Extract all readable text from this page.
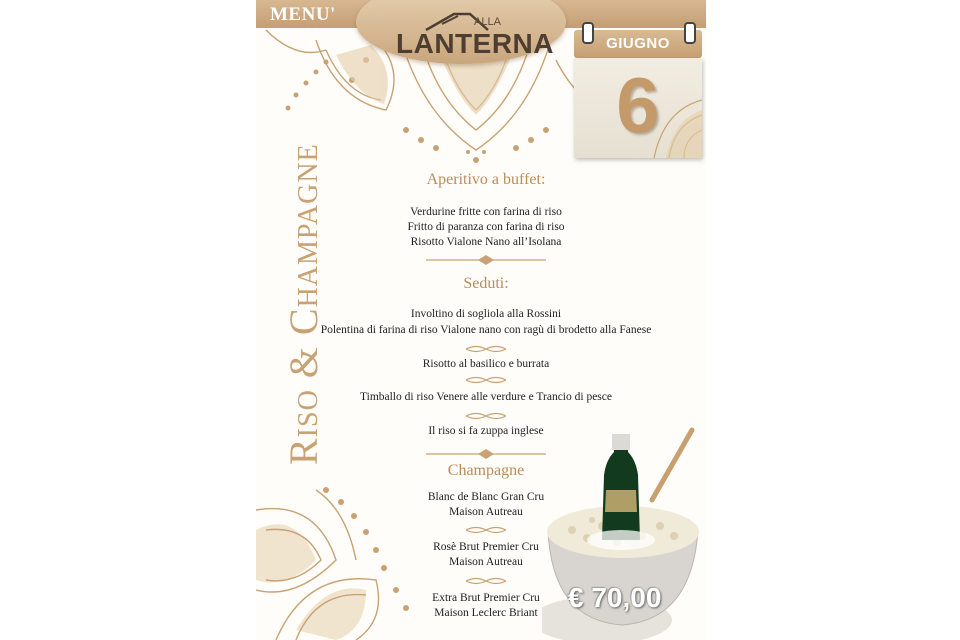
MENU'	ALLA
LANTERNA	GIUGNO
6
Riso & Champagne	Aperitivo a buffet:
Verdurine fritte con farina di riso
Fritto di paranza con farina di riso
Risotto Vialone Nano all’Isolana
Seduti:
Involtino di sogliola alla Rossini
Polentina di farina di riso Vialone nano con ragù di brodetto alla Fanese
Risotto al basilico e burrata
Timballo di riso Venere alle verdure e Trancio di pesce
Il riso si fa zuppa inglese
Champagne
Blanc de Blanc Gran Cru
Maison Autreau
Rosè Brut Premier Cru
Maison Autreau
Extra Brut Premier Cru
Maison Leclerc Briant	€ 70,00
